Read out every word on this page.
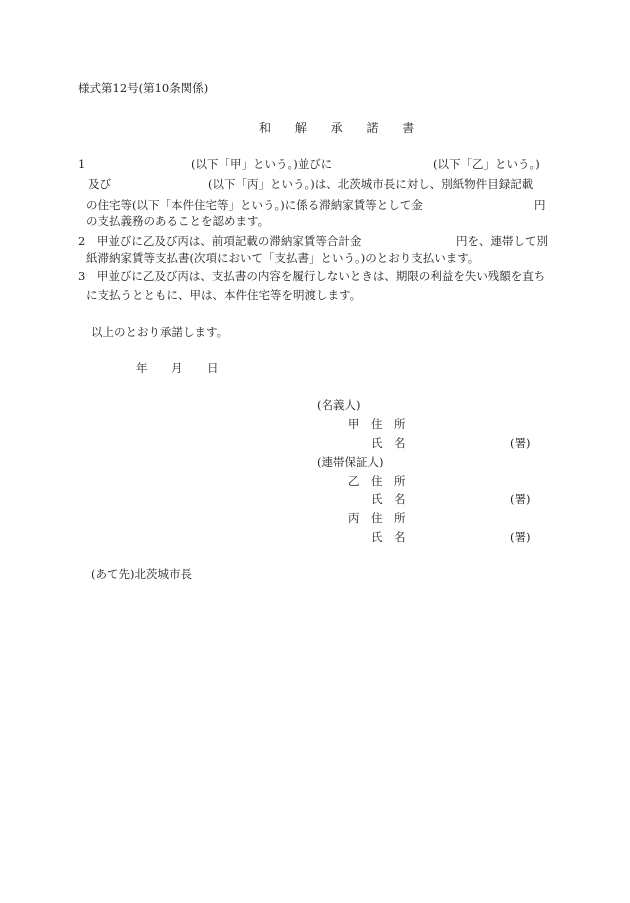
様式第12号(第10条関係)
和 解 承 諾 書
1	(以下「甲」という。)並びに	(以下「乙」という。)
及び	(以下「丙」という。)は、北茨城市長に対し、別紙物件目録記載
の住宅等(以下「本件住宅等」という。)に係る滞納家賃等として金	円
の支払義務のあることを認めます。
2　甲並びに乙及び丙は、前項記載の滞納家賃等合計金	円を、連帯して別
紙滞納家賃等支払書(次項において「支払書」という。)のとおり支払います。
3　甲並びに乙及び丙は、支払書の内容を履行しないときは、期限の利益を失い残額を直ち
に支払うとともに、甲は、本件住宅等を明渡します。
以上のとおり承諾します。
年 月 日
(名義人)
甲 住　所
氏　名	(署)
(連帯保証人)
乙 住　所
氏　名	(署)
丙 住　所
氏　名	(署)
(あて先)北茨城市長
